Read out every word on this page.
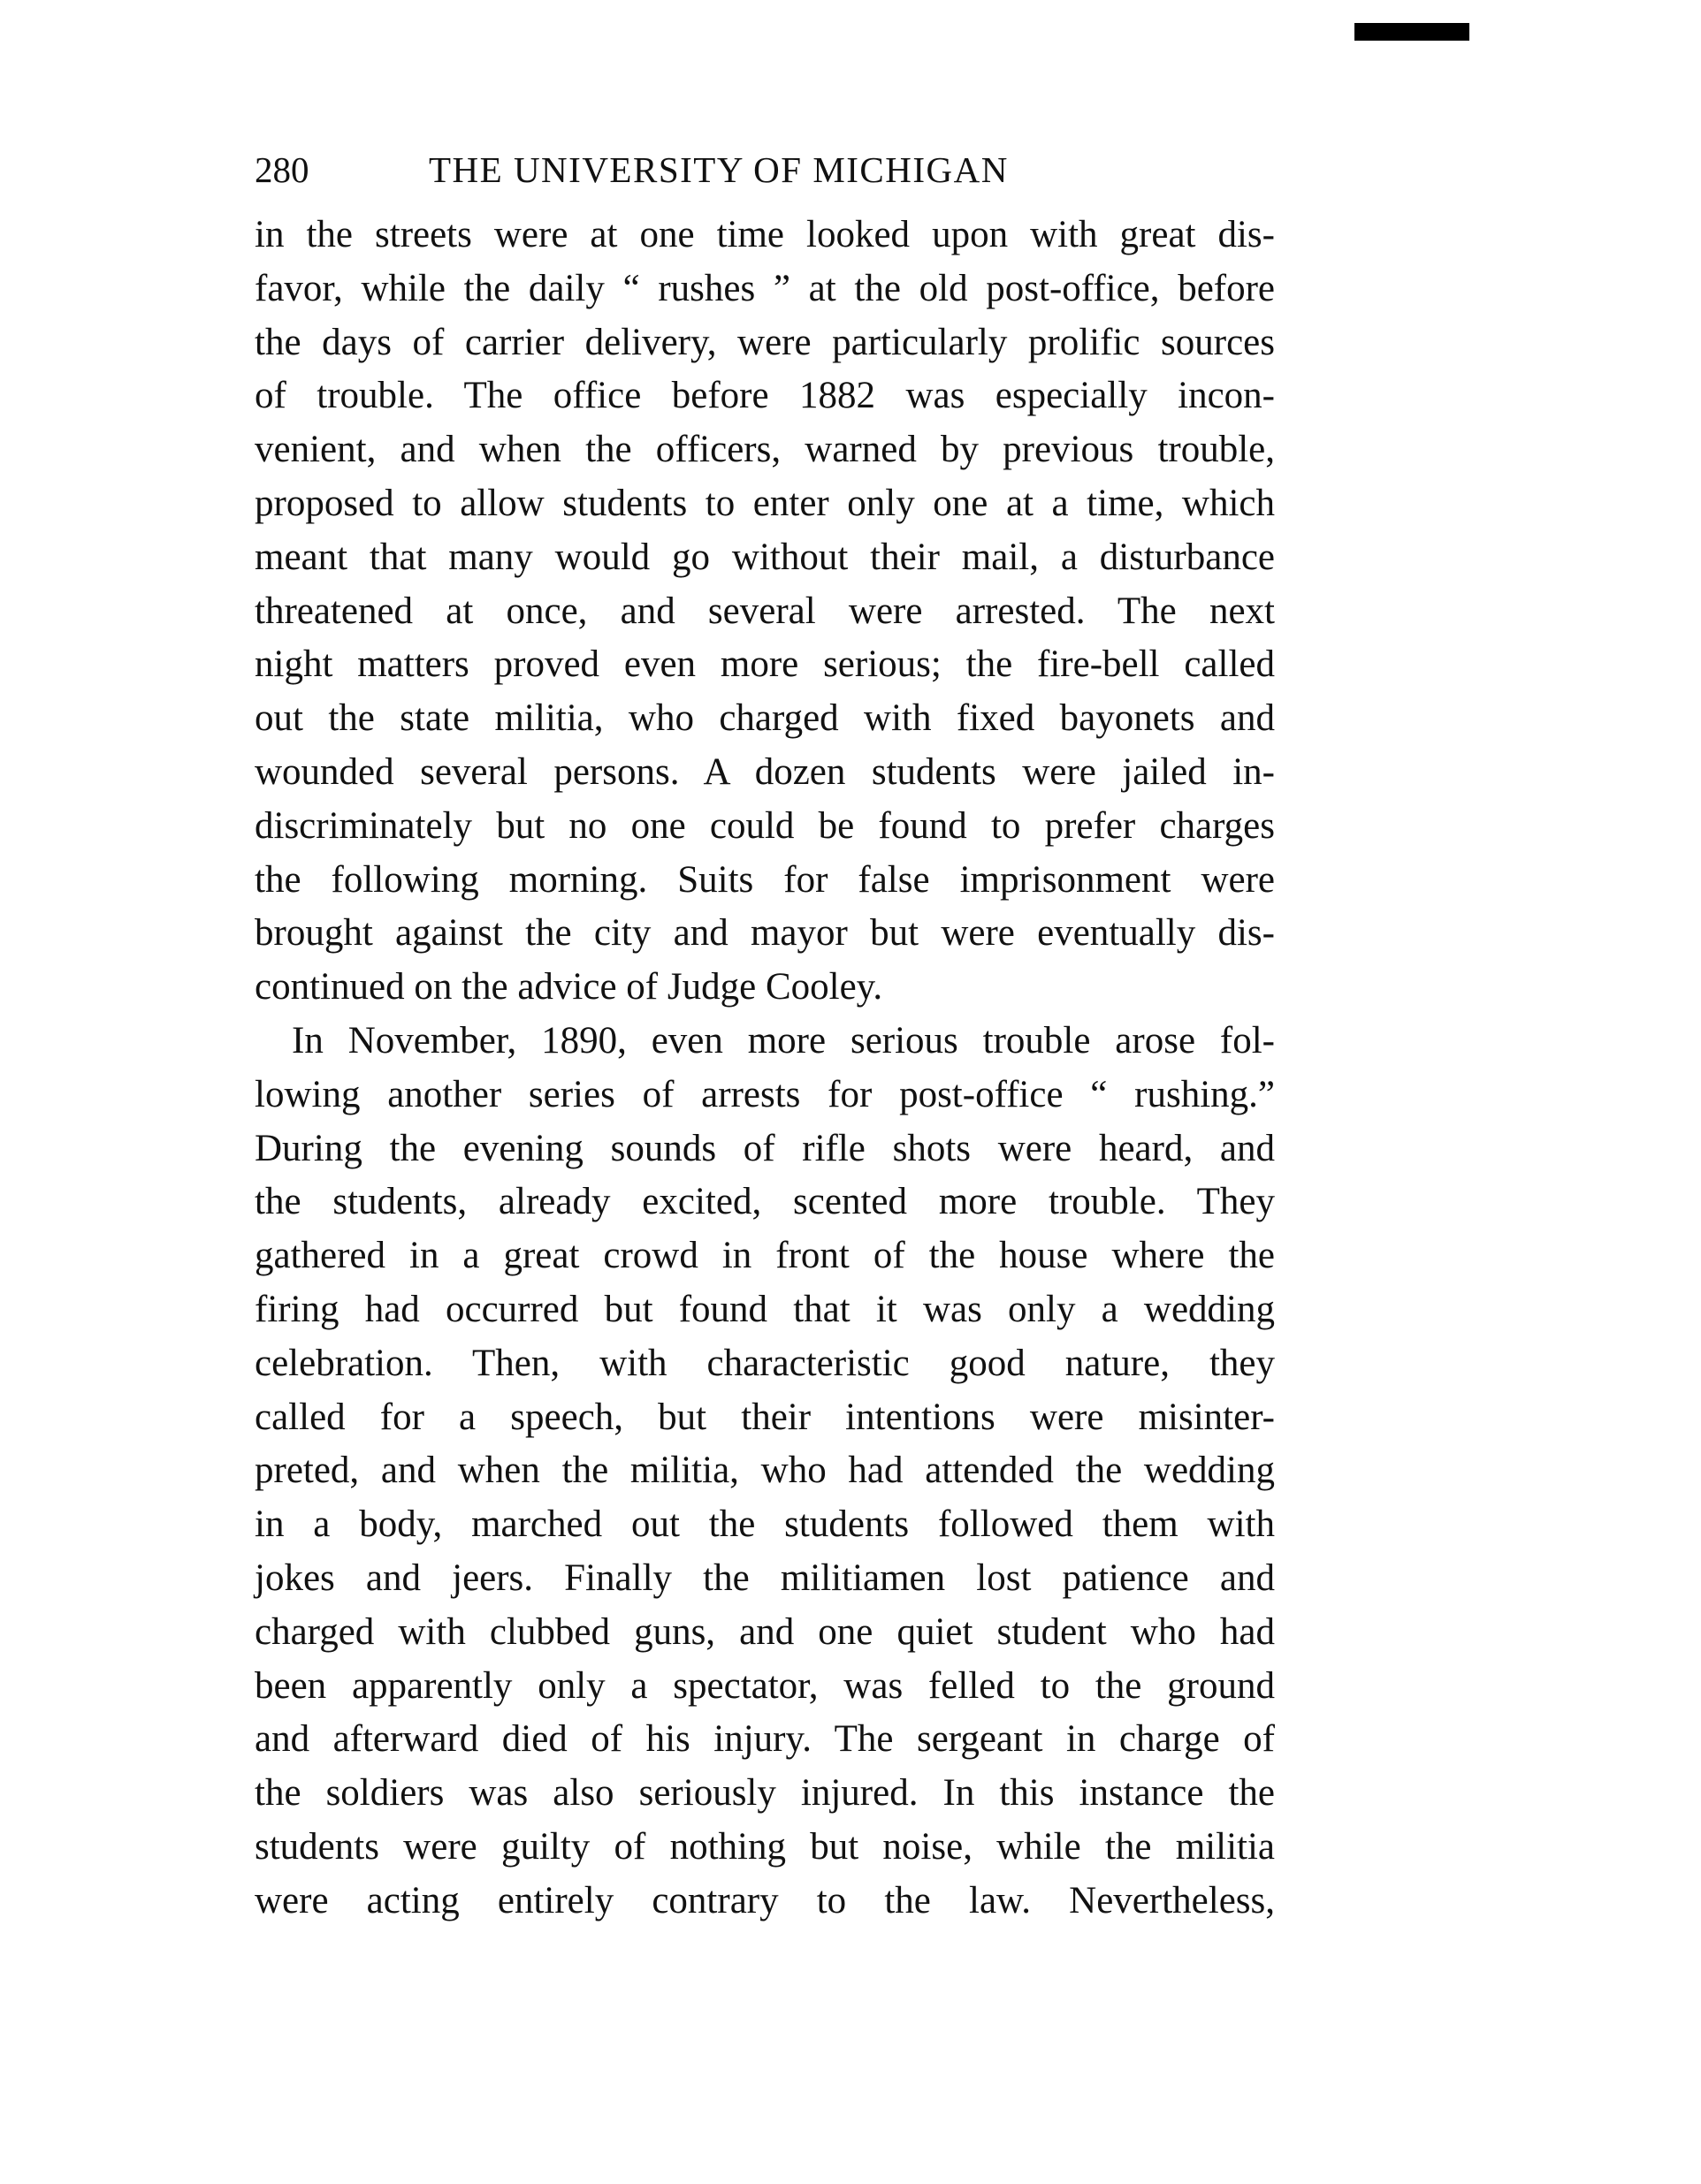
280	THE UNIVERSITY OF MICHIGAN
in the streets were at one time looked upon with great dis-
favor, while the daily “ rushes ” at the old post-office, before
the days of carrier delivery, were particularly prolific sources
of trouble. The office before 1882 was especially incon-
venient, and when the officers, warned by previous trouble,
proposed to allow students to enter only one at a time, which
meant that many would go without their mail, a disturbance
threatened at once, and several were arrested. The next
night matters proved even more serious; the fire-bell called
out the state militia, who charged with fixed bayonets and
wounded several persons. A dozen students were jailed in-
discriminately but no one could be found to prefer charges
the following morning. Suits for false imprisonment were
brought against the city and mayor but were eventually dis-
continued on the advice of Judge Cooley.
In November, 1890, even more serious trouble arose fol-
lowing another series of arrests for post-office “ rushing.”
During the evening sounds of rifle shots were heard, and
the students, already excited, scented more trouble. They
gathered in a great crowd in front of the house where the
firing had occurred but found that it was only a wedding
celebration. Then, with characteristic good nature, they
called for a speech, but their intentions were misinter-
preted, and when the militia, who had attended the wedding
in a body, marched out the students followed them with
jokes and jeers. Finally the militiamen lost patience and
charged with clubbed guns, and one quiet student who had
been apparently only a spectator, was felled to the ground
and afterward died of his injury. The sergeant in charge of
the soldiers was also seriously injured. In this instance the
students were guilty of nothing but noise, while the militia
were acting entirely contrary to the law. Nevertheless,
